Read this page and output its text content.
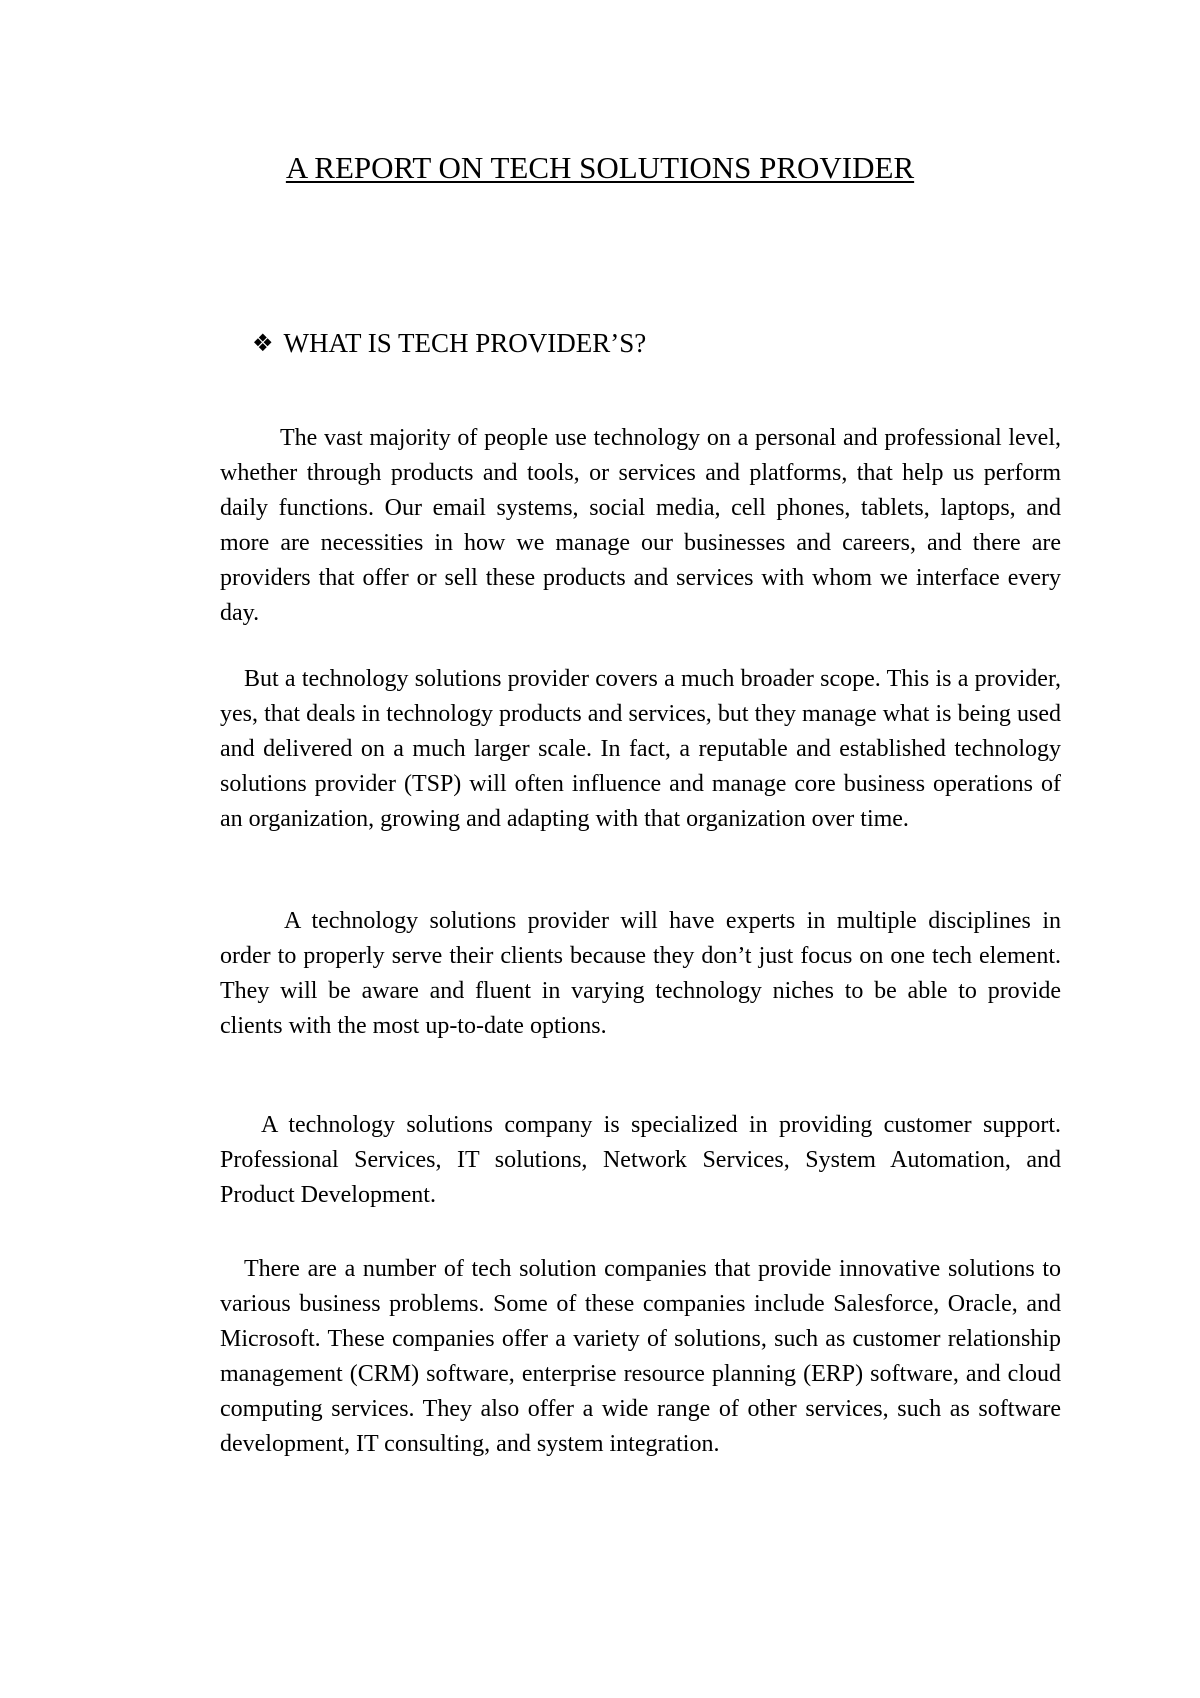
A REPORT ON TECH SOLUTIONS PROVIDER
❖ WHAT IS TECH PROVIDER’S?

The vast majority of people use technology on a personal and professional level, whether through products and tools, or services and platforms, that help us perform daily functions. Our email systems, social media, cell phones, tablets, laptops, and more are necessities in how we manage our businesses and careers, and there are providers that offer or sell these products and services with whom we interface every day.

But a technology solutions provider covers a much broader scope. This is a provider, yes, that deals in technology products and services, but they manage what is being used and delivered on a much larger scale. In fact, a reputable and established technology solutions provider (TSP) will often influence and manage core business operations of an organization, growing and adapting with that organization over time.

A technology solutions provider will have experts in multiple disciplines in order to properly serve their clients because they don’t just focus on one tech element. They will be aware and fluent in varying technology niches to be able to provide clients with the most up-to-date options.

A technology solutions company is specialized in providing customer support. Professional Services, IT solutions, Network Services, System Automation, and Product Development.

There are a number of tech solution companies that provide innovative solutions to various business problems. Some of these companies include Salesforce, Oracle, and Microsoft. These companies offer a variety of solutions, such as customer relationship management (CRM) software, enterprise resource planning (ERP) software, and cloud computing services. They also offer a wide range of other services, such as software development, IT consulting, and system integration.
